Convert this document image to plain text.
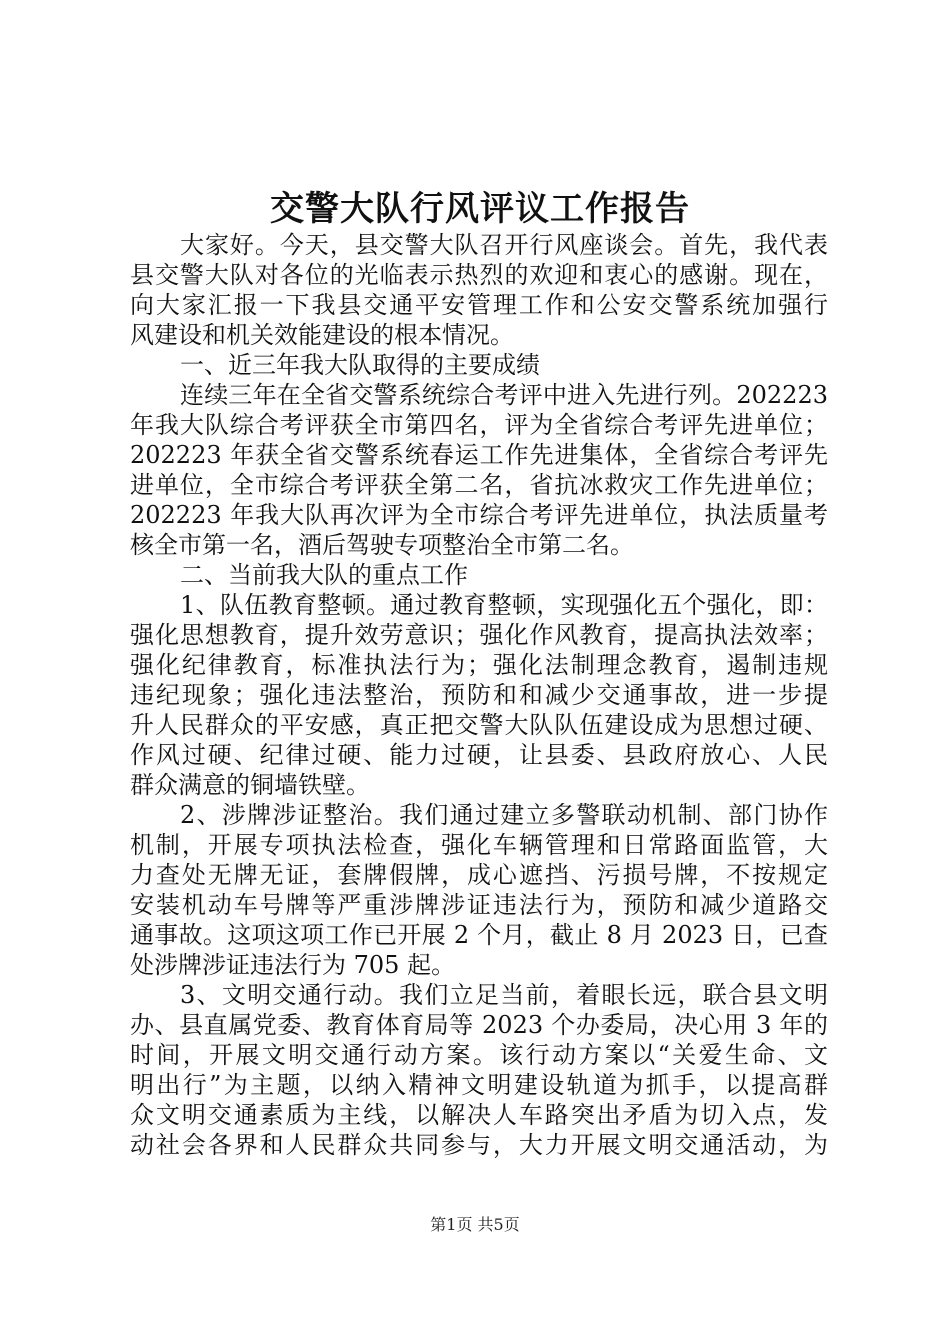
交警大队行风评议工作报告
大家好。今天，县交警大队召开行风座谈会。首先，我代表
县交警大队对各位的光临表示热烈的欢迎和衷心的感谢。现在，
向大家汇报一下我县交通平安管理工作和公安交警系统加强行
风建设和机关效能建设的根本情况。
一、近三年我大队取得的主要成绩
连续三年在全省交警系统综合考评中进入先进行列。202223
年我大队综合考评获全市第四名，评为全省综合考评先进单位；
202223 年获全省交警系统春运工作先进集体，全省综合考评先
进单位，全市综合考评获全第二名，省抗冰救灾工作先进单位；
202223 年我大队再次评为全市综合考评先进单位，执法质量考
核全市第一名，酒后驾驶专项整治全市第二名。
二、当前我大队的重点工作
1、队伍教育整顿。通过教育整顿，实现强化五个强化，即：
强化思想教育，提升效劳意识；强化作风教育，提高执法效率；
强化纪律教育，标准执法行为；强化法制理念教育，遏制违规
违纪现象；强化违法整治，预防和和减少交通事故，进一步提
升人民群众的平安感，真正把交警大队队伍建设成为思想过硬、
作风过硬、纪律过硬、能力过硬，让县委、县政府放心、人民
群众满意的铜墙铁壁。
2、涉牌涉证整治。我们通过建立多警联动机制、部门协作
机制，开展专项执法检查，强化车辆管理和日常路面监管，大
力查处无牌无证，套牌假牌，成心遮挡、污损号牌，不按规定
安装机动车号牌等严重涉牌涉证违法行为，预防和减少道路交
通事故。这项这项工作已开展 2 个月，截止 8 月 2023 日，已查
处涉牌涉证违法行为 705 起。
3、文明交通行动。我们立足当前，着眼长远，联合县文明
办、县直属党委、教育体育局等 2023 个办委局，决心用 3 年的
时间，开展文明交通行动方案。该行动方案以“关爱生命、文
明出行”为主题，以纳入精神文明建设轨道为抓手，以提高群
众文明交通素质为主线，以解决人车路突出矛盾为切入点，发
动社会各界和人民群众共同参与，大力开展文明交通活动，为
第1页 共5页
